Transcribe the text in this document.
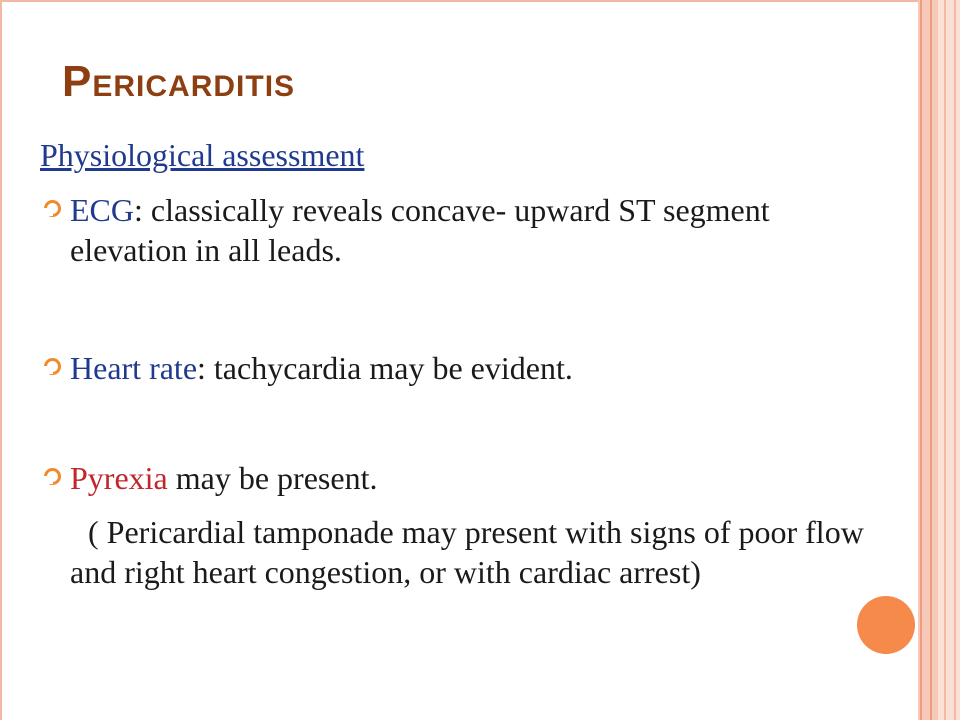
PERICARDITIS
Physiological assessment
ECG: classically reveals concave- upward ST segment elevation in all leads.
Heart rate: tachycardia may be evident.
Pyrexia may be present.
( Pericardial tamponade may present with signs of poor flow and right heart congestion, or with cardiac arrest)
